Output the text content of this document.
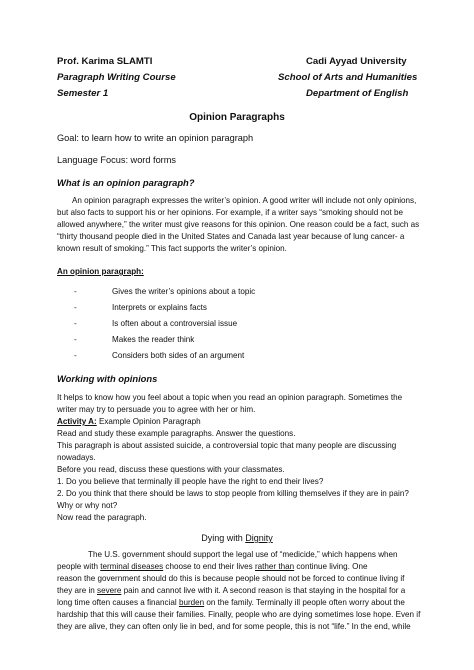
Prof. Karima SLAMTI
Paragraph Writing Course
Semester 1
Cadi Ayyad University
School of Arts and Humanities
Department of English
Opinion Paragraphs
Goal: to learn how to write an opinion paragraph
Language Focus: word forms
What is an opinion paragraph?
An opinion paragraph expresses the writer’s opinion. A good writer will include not only opinions,
but also facts to support his or her opinions. For example, if a writer says “smoking should not be
allowed anywhere,” the writer must give reasons for this opinion. One reason could be a fact, such as
“thirty thousand people died in the United States and Canada last year because of lung cancer- a
known result of smoking.” This fact supports the writer’s opinion.
An opinion paragraph:
-	Gives the writer’s opinions about a topic
-	Interprets or explains facts
-	Is often about a controversial issue
-	Makes the reader think
-	Considers both sides of an argument
Working with opinions
It helps to know how you feel about a topic when you read an opinion paragraph. Sometimes the
writer may try to persuade you to agree with her or him.
Activity A: Example Opinion Paragraph
Read and study these example paragraphs. Answer the questions.
This paragraph is about assisted suicide, a controversial topic that many people are discussing
nowadays.
Before you read, discuss these questions with your classmates.
1. Do you believe that terminally ill people have the right to end their lives?
2. Do you think that there should be laws to stop people from killing themselves if they are in pain?
Why or why not?
Now read the paragraph.
Dying with Dignity
The U.S. government should support the legal use of “medicide,” which happens when
people with terminal diseases choose to end their lives rather than continue living. One
reason the government should do this is because people should not be forced to continue living if
they are in severe pain and cannot live with it. A second reason is that staying in the hospital for a
long time often causes a financial burden on the family. Terminally ill people often worry about the
hardship that this will cause their families. Finally, people who are dying sometimes lose hope. Even if
they are alive, they can often only lie in bed, and for some people, this is not “life.” In the end, while
